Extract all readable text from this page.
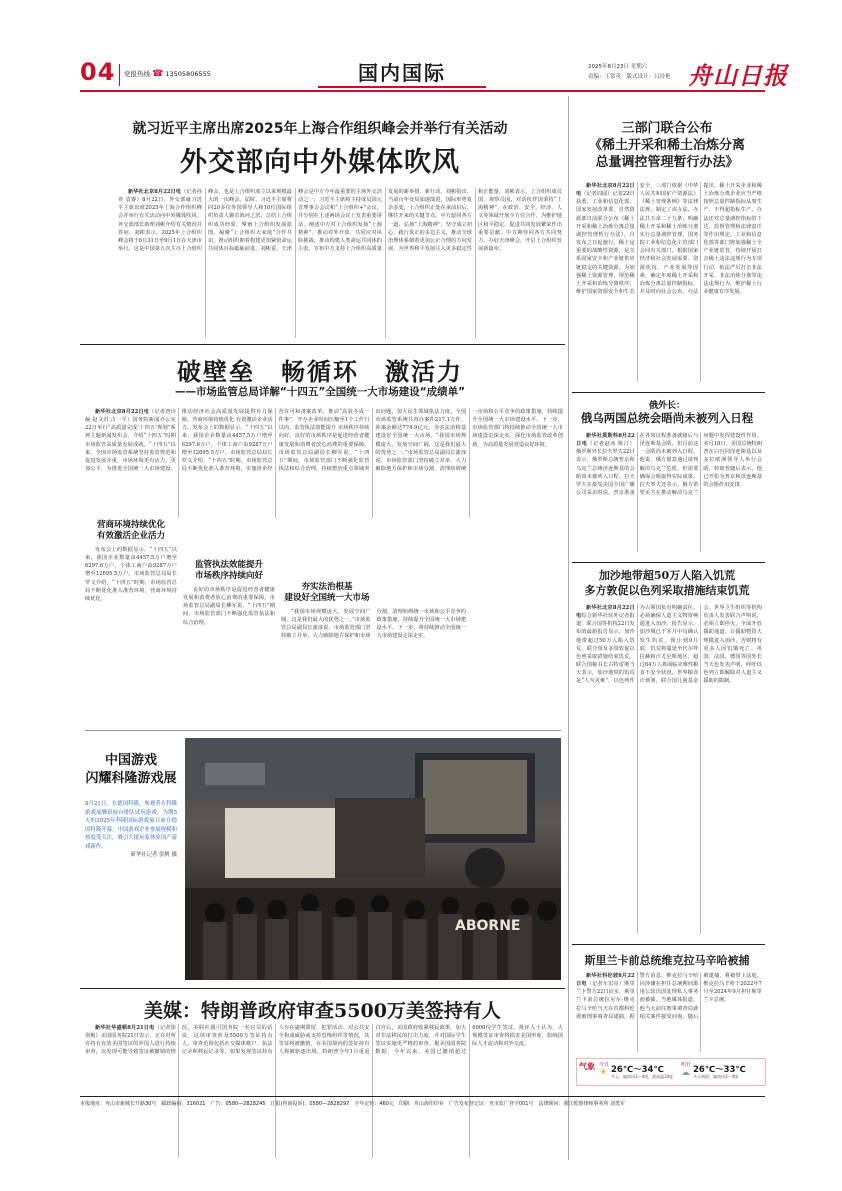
04 党报热线 ☎ 13505806555	国内国际	2025年8月23日 星期六
责编：王常英　版式设计：吕玲艳 舟山日报
就习近平主席出席2025年上海合作组织峰会并举行有关活动
外交部向中外媒体吹风

新华社北京8月22日电（记者孙奕 袁睿）8月22日，外交部就习近平主席出席2025年上海合作组织峰会并举行有关活动向中外媒体吹风。外交部部长助理刘彬介绍有关情况并答问。刘彬表示，2025年上合组织峰会将于8月31日至9月1日在天津市举行。这是中国第五次主办上合组织峰会，也是上合组织成立以来规模最大的一次峰会。届时，习近平主席将同20多位外国领导人和10位国际组织负责人聚首海河之滨，总结上合组织成功经验，擘画上合组织发展蓝图，凝聚“上合组织大家庭”合作共识，推动组织朝着构建更加紧密命运共同体目标砥砺前进。刘彬说，天津峰会是中方今年最重要的主场外交活动之一，习近平主席将主持成员国元首理事会会议和“上合组织+”会议，并分别在上述两场会议上发表重要讲话，阐述中方对上合组织发扬“上海精神”、推动对外开放、共同应对风险挑战、推动构建人类命运共同体的主张，宣布中方支持上合组织高质量发展的新举措、新行动。刘彬指出，当前百年变局加速演进，国际形势复杂多变，上合组织正处在承前启后、继往开来的关键节点。中方愿同各方一道，弘扬“上海精神”，坚守成立初心，践行真正的多边主义，推动全球治理体系朝着更加公正合理的方向发展，为世界和平发展注入更多稳定性和正能量。刘彬表示，上合组织成员国、观察员国、对话伙伴国秉持“上海精神”，在政治、安全、经济、人文等领域开展全方位合作，为维护地区和平稳定、促进共同发展繁荣作出重要贡献。中方期待同各方共同努力，办好天津峰会，开启上合组织发展新篇章。

破壁垒　畅循环　激活力
——市场监管总局详解“十四五”全国统一大市场建设“成绩单”

新华社北京8月22日电（记者唐诗凝 赵文君 古一平）国务院新闻办公室22日举行“高质量完成‘十四五’规划”系列主题新闻发布会，介绍“十四五”时期市场监管高质量发展成就。“十四五”以来，全国市场监管系统坚持监管规范和促进发展并重，市场环境更有活力，更加公平，为推进全国统一大市场建设、推动经济社会高质量发展提供有力保障。营商环境持续优化 有效激活企业活力。发布会上的数据显示，“十四五”以来，我国企业数量由4457.5万户增至6297.6万户，个体工商户由9287万户增至12695.5万户。市场监管总局局长罗文介绍，“十四五”时期，市场监管总局不断优化准入准营环境，实施涉企经营许可和备案改革，推动“高效办成一件事”，开办企业时间压缩至1个工作日以内。监管执法效能提升 市场秩序持续向好。良好的市场秩序是促进经营者健康发展和消费者放心消费的重要保障。市场监管总局副局长柳军说，“十四五”期间，市场监管部门不断强化监管执法和综合治理，持续整治重点领域突出问题，加大民生领域执法力度，全国市场监管系统共查办案件217.1万件，涉案金额达774.9亿元。夯实法治根基 建设好全国统一大市场。“我国市场规模庞大，发展空间广阔，这是我们最大的优势之一。”市场监管总局副局长蒲淳说，市场监管部门坚持破立并举，大力破除地方保护和市场分割，清理妨碍统一市场和公平竞争的政策措施，持续提升全国统一大市场建设水平。下一步，市场监管部门将持续推动全国统一大市场建设走深走实，深化市场监管改革创新，为高质量发展营造良好环境。

营商环境持续优化
有效激活企业活力

发布会上的数据显示，“十四五”以来，我国企业数量由4457.5万户增至6297.6万户，个体工商户由9287万户增至12695.5万户。市场监管总局局长罗文介绍，“十四五”时期，市场监管总局不断优化准入准营环境，营商环境持续优化。

监管执法效能提升
市场秩序持续向好

良好的市场秩序是促进经营者健康发展和消费者放心消费的重要保障。市场监管总局副局长柳军说，“十四五”期间，市场监管部门不断强化监管执法和综合治理。

夯实法治根基
建设好全国统一大市场

“我国市场规模庞大，发展空间广阔，这是我们最大的优势之一。”市场监管总局副局长蒲淳说，市场监管部门坚持破立并举，大力破除地方保护和市场分割，清理妨碍统一市场和公平竞争的政策措施，持续提升全国统一大市场建设水平。下一步，将持续推动全国统一大市场建设走深走实。

中国游戏
闪耀科隆游戏展
8月21日，在德国科隆，参观者在科隆游戏展腾讯展台排队试玩游戏。为期5天的2025年科隆国际游戏展日前在德国科隆开幕，中国游戏企业参展规模和热度受关注，吸引大批玩家体验国产游戏新作。
新华社记者 张帆 摄
ABORNE
美媒：特朗普政府审查5500万美签持有人

新华社华盛顿8月21日电（记者徐剑梅）美国国务院21日表示，正在对所有持有有效美国签证的外国人进行持续审查，以发现可能导致签证被撤销的情况。美联社援引国务院一名官员的话说，这项审查涉及5500万签证持有人，审查范围包括社交媒体账户、执法记录和移民记录等。如果发现签证持有人存在逾期滞留、犯罪活动、对公共安全构成威胁或支持恐怖组织等情况，其签证将被撤销，在美国境内的签证持有人将被驱逐出境。特朗普今年1月重返白宫后，美国政府收紧移民政策，加大对非法移民的打击力度，并对国际学生签证实施更严格的审查。据美国国务院数据，今年以来，美国已撤销超过6000份学生签证。批评人士认为，大规模签证审查将损害美国形象，影响国际人才流动和对外交流。

三部门联合公布
《稀土开采和稀土冶炼分离
总量调控管理暂行办法》

新华社北京8月22日电（记者周圆）记者22日获悉，工业和信息化部、国家发展改革委、自然资源部日前联合公布《稀土开采和稀土冶炼分离总量调控管理暂行办法》，自发布之日起施行。稀土是重要的战略性资源，是关系国家安全和产业链供应链稳定的关键资源。为加强稀土资源管理，规范稀土开采和冶炼分离秩序，维护国家资源安全和生态安全，三部门依据《中华人民共和国矿产资源法》《稀土管理条例》等法律法规，制定了该办法。办法共五章二十九条，明确稀土开采和稀土冶炼分离实行总量调控管理，国务院工业和信息化主管部门会同有关部门，根据国家经济和社会发展需要、资源状况、产业发展等因素，确定年度稀土开采和冶炼分离总量控制指标，并及时向社会公布。办法提出，稀土开采企业和稀土冶炼分离企业应当严格按照总量控制指标从事生产，不得超指标生产。办法还对总量调控指标的下达、监督管理和法律责任等作出规定。工业和信息化部等部门将加强稀土全产业链监管，持续开展打击稀土违法违规行为专项行动，依法严厉打击非法开采、非法冶炼分离等违法违规行为，维护稀土行业健康有序发展。

俄外长：
俄乌两国总统会晤尚未被列入日程

新华社莫斯科8月22日电（记者赵冰 陈汀）俄罗斯外长拉夫罗夫22日表示，俄罗斯总统普京和乌克兰总统泽连斯基的会晤尚未被列入日程。拉夫罗夫在接受美国全国广播公司采访时说，普京准备在各项议程准备就绪后与泽连斯基会晤，但目前这一会晤尚未被列入日程。他说，俄方愿意通过谈判解决乌克兰危机，但需要确保会晤取得实际成果。拉夫罗夫还表示，俄方希望美方在推动解决乌克兰问题中发挥建设性作用。本月18日，美国总统特朗普在白宫同泽连斯基以及多位欧洲领导人举行会晤。特朗普随后表示，他已开始为普京和泽连斯基的会晤作出安排。

加沙地带超50万人陷入饥荒
多方敦促以色列采取措施结束饥荒

新华社北京8月22日电综合新华社驻外记者报道：联合国等机构22日发布的最新报告显示，加沙地带超过50万人陷入饥荒，联合国及多国敦促以色列采取措施结束饥荒。联合国秘书长古特雷斯当天表示，加沙地带的饥荒是“人为灾难”，以色列作为占领国负有明确责任，必须确保人道主义物资畅通进入加沙。报告显示，加沙城已于本月中旬确认发生饥荒，预计到9月底，饥荒将蔓延至代尔拜拉赫和汗尤尼斯地区。超过64万人将面临灾难性粮食不安全状况。世界粮食计划署、联合国儿童基金会、世界卫生组织等机构负责人发表联合声明说，必须立即停火，全面开放援助通道，让援助物资大规模进入加沙，否则将有更多人因饥饿死亡。英国、法国、德国等国外长当天也发表声明，呼吁以色列立即解除对人道主义援助的限制。

斯里兰卡前总统维克拉马辛哈被捕

新华社科伦坡8月22日电（记者车宏亮）斯里兰卡警方22日证实，斯里兰卡前总统拉尼尔·维克拉马辛哈当天在首都科伦坡被刑事调查局逮捕。据警方消息，维克拉马辛哈因涉嫌在担任总统期间滥用公款出国处理私人事务而被捕。当地媒体报道，他当天前往刑事调查局就相关案件接受问询，随后被逮捕，将被带上法庭。维克拉马辛哈于2022年7月至2024年9月担任斯里兰卡总统。

气象 今日
☀ 26℃～34℃
多云，偏南风3～4级，最高温34度
明日
☁ 26℃～33℃
多云到阴，偏南风3～4级
本报地址：舟山市新城长升路30号　邮政编码：316021　广告：0580—2828245　订报(咨询投诉)：0580—2828297　全年定价：460元　印刷：舟山海印印业　广告发布登记证：舟市监广登字001号　法律顾问：浙江乾惠律师事务所 刘勇军
